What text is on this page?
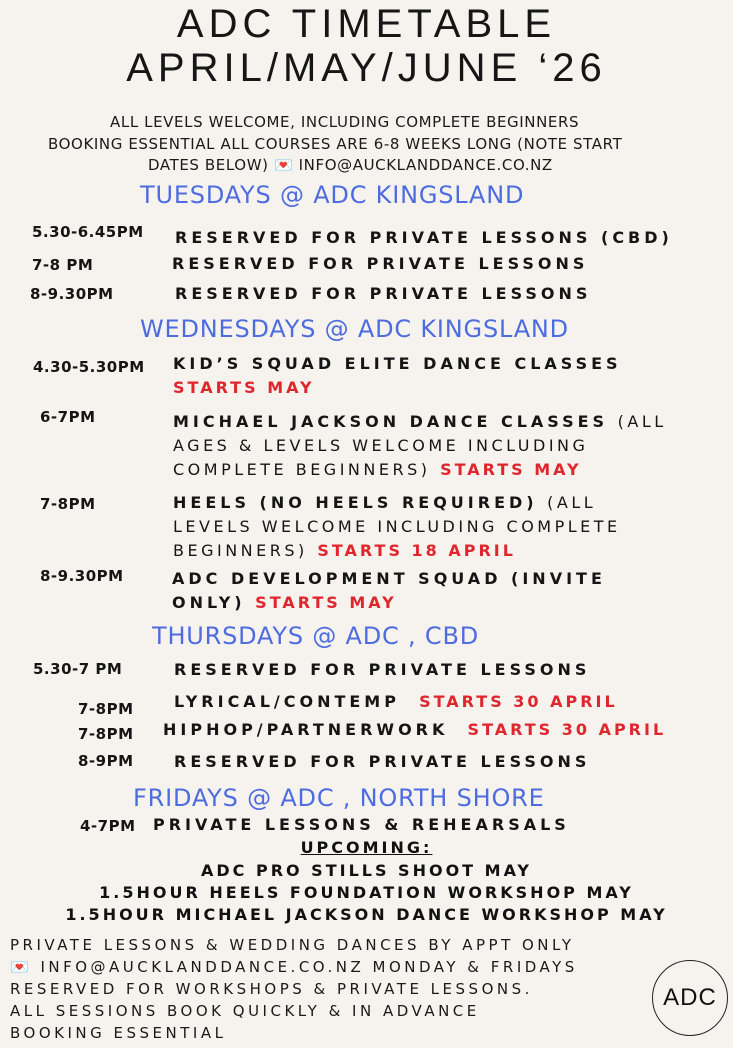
ADC TIMETABLE
APRIL/MAY/JUNE ‘26
ALL LEVELS WELCOME, INCLUDING COMPLETE BEGINNERS
BOOKING ESSENTIAL ALL COURSES ARE 6-8 WEEKS LONG (NOTE START
DATES BELOW) 💌 INFO@AUCKLANDDANCE.CO.NZ
TUESDAYS @ ADC KINGSLAND
5.30-6.45PM RESERVED FOR PRIVATE LESSONS (CBD)
7-8 PM	RESERVED FOR PRIVATE LESSONS
8-9.30PM	RESERVED FOR PRIVATE LESSONS
WEDNESDAYS @ ADC KINGSLAND
4.30-5.30PM KID’S SQUAD ELITE DANCE CLASSES
STARTS MAY
6-7PM	MICHAEL JACKSON DANCE CLASSES (ALL
AGES & LEVELS WELCOME INCLUDING
COMPLETE BEGINNERS) STARTS MAY
7-8PM	HEELS (NO HEELS REQUIRED) (ALL
LEVELS WELCOME INCLUDING COMPLETE
BEGINNERS) STARTS 18 APRIL
8-9.30PM	ADC DEVELOPMENT SQUAD (INVITE
ONLY) STARTS MAY
THURSDAYS @ ADC , CBD
5.30-7 PM	RESERVED FOR PRIVATE LESSONS
7-8PM	LYRICAL/CONTEMP STARTS 30 APRIL
7-8PM HIPHOP/PARTNERWORK STARTS 30 APRIL
8-9PM	RESERVED FOR PRIVATE LESSONS
FRIDAYS @ ADC , NORTH SHORE
4-7PM PRIVATE LESSONS & REHEARSALS
UPCOMING:
ADC PRO STILLS SHOOT MAY
1.5HOUR HEELS FOUNDATION WORKSHOP MAY
1.5HOUR MICHAEL JACKSON DANCE WORKSHOP MAY
PRIVATE LESSONS & WEDDING DANCES BY APPT ONLY
💌 INFO@AUCKLANDDANCE.CO.NZ MONDAY & FRIDAYS
RESERVED FOR WORKSHOPS & PRIVATE LESSONS.
ALL SESSIONS BOOK QUICKLY & IN ADVANCE
BOOKING ESSENTIAL
ADC
